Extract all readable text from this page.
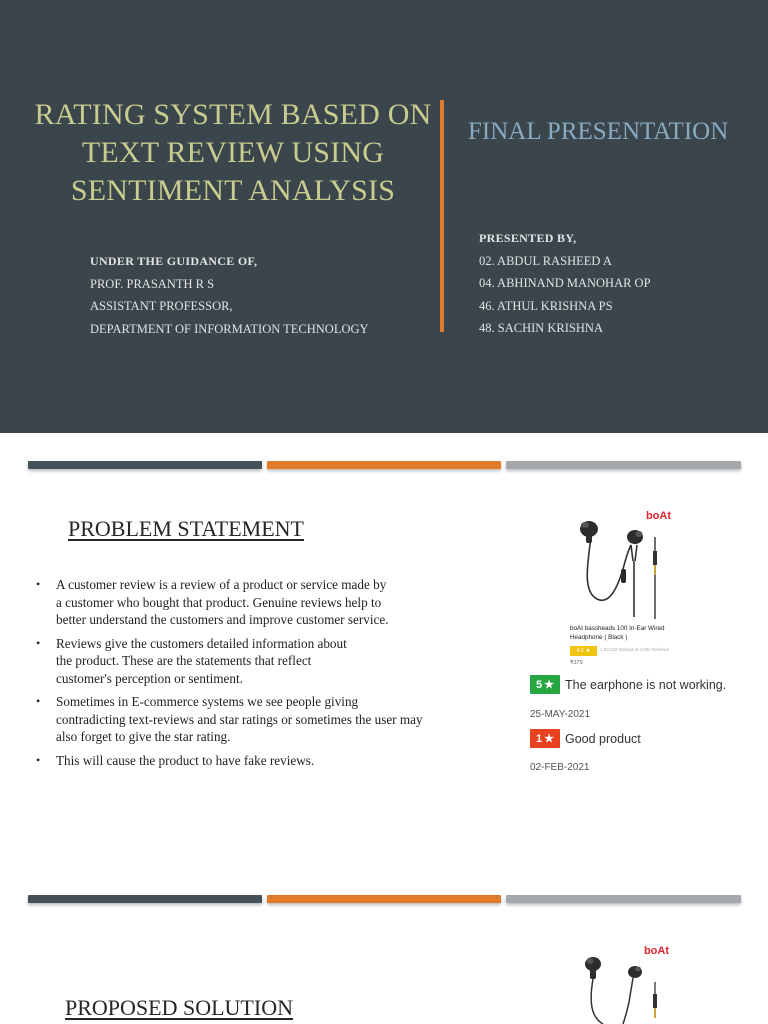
RATING SYSTEM BASED ON
TEXT REVIEW USING
SENTIMENT ANALYSIS
FINAL PRESENTATION
UNDER THE GUIDANCE OF,
PROF. PRASANTH R S
ASSISTANT PROFESSOR,
DEPARTMENT OF INFORMATION TECHNOLOGY
PRESENTED BY,
02. ABDUL RASHEED A
04. ABHINAND MANOHAR OP
46. ATHUL KRISHNA PS
48. SACHIN KRISHNA
PROBLEM STATEMENT
• A customer review is a review of a product or service made by
a customer who bought that product. Genuine reviews help to
better understand the customers and improve customer service.
• Reviews give the customers detailed information about
the product. These are the statements that reflect
customer's perception or sentiment.
• Sometimes in E-commerce systems we see people giving
contradicting text-reviews and star ratings or sometimes the user may
also forget to give the star rating.
• This will cause the product to have fake reviews.
boAt
boAt bassheads 100 In-Ear Wired Headphone ( Black )
4.1 ★	1,00,222 Ratings & 3,002 Reviews
₹379
5 ★ The earphone is not working.
25-MAY-2021
1 ★ Good product
02-FEB-2021
boAt
PROPOSED SOLUTION
